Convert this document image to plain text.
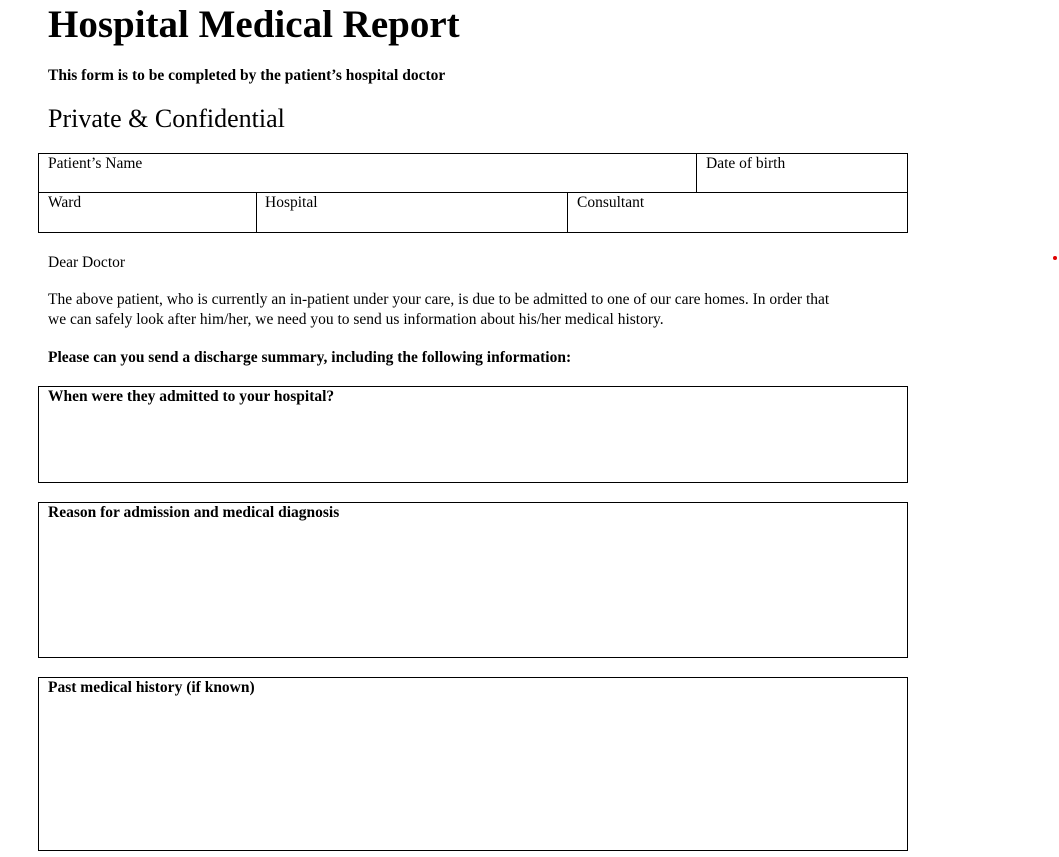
Hospital Medical Report

This form is to be completed by the patient’s hospital doctor

Private & Confidential

Patient’s Name	Date of birth
Ward	Hospital	Consultant

Dear Doctor

The above patient, who is currently an in-patient under your care, is due to be admitted to one of our care homes. In order that

we can safely look after him/her, we need you to send us information about his/her medical history.

Please can you send a discharge summary, including the following information:

When were they admitted to your hospital?
Reason for admission and medical diagnosis
Past medical history (if known)
